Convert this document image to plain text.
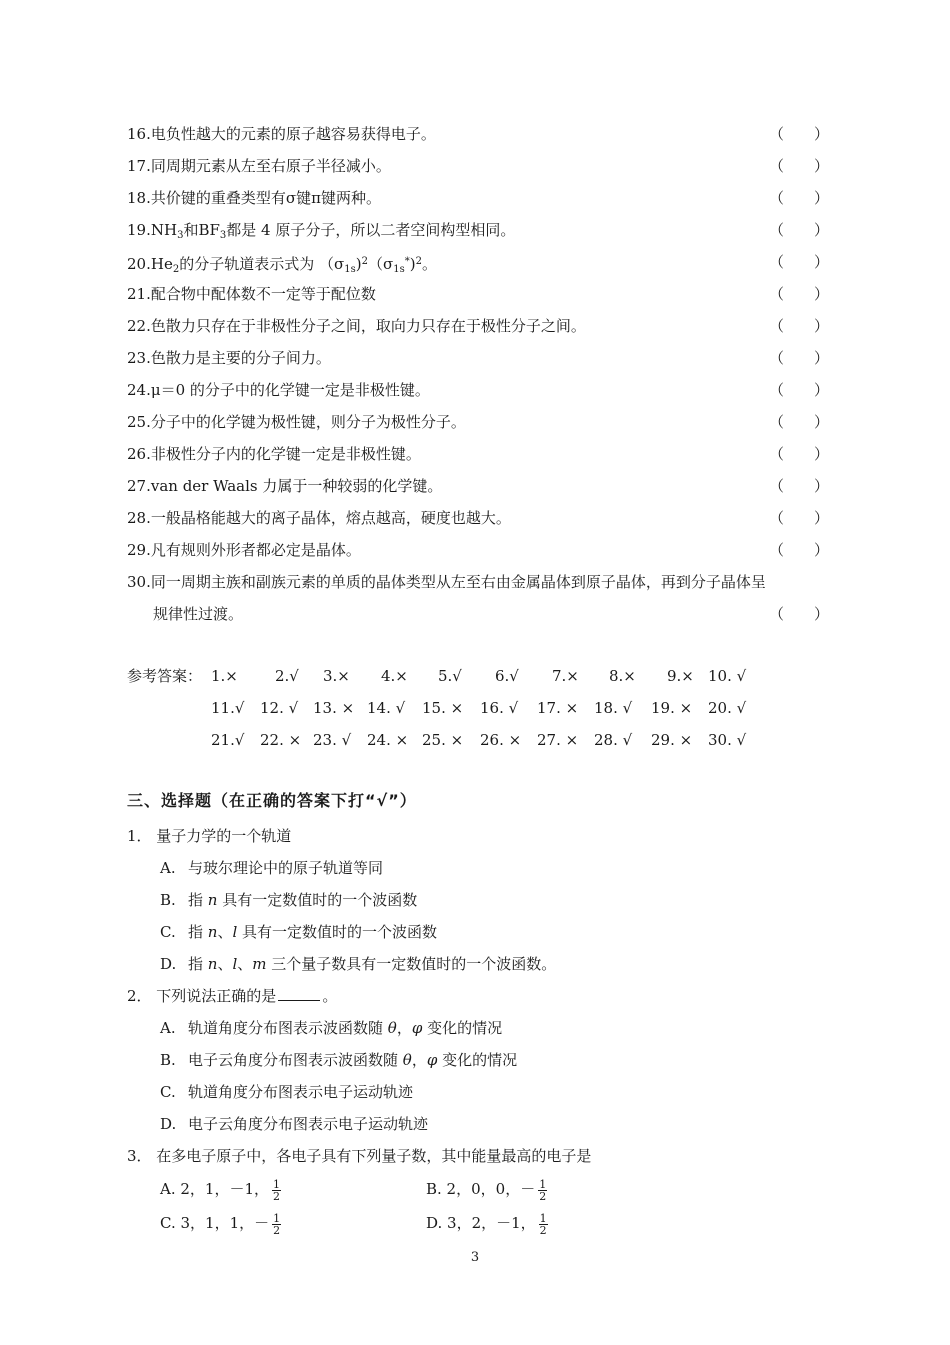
16.电负性越大的元素的原子越容易获得电子。	（　　）
17.同周期元素从左至右原子半径减小。	（　　）
18.共价键的重叠类型有σ键π键两种。	（　　）
$19.NH_3$和$BF_3$都是 4 原子分子，所以二者空间构型相同。	（　　）
$20.He_2$的分子轨道表示式为 $(\sigma_{1s})^2(\sigma_{1s}^*)^2$。	（　　）
21.配合物中配体数不一定等于配位数	（　　）
22.色散力只存在于非极性分子之间，取向力只存在于极性分子之间。	（　　）
23.色散力是主要的分子间力。	（　　）
24.μ＝0 的分子中的化学键一定是非极性键。	（　　）
25.分子中的化学键为极性键，则分子为极性分子。	（　　）
26.非极性分子内的化学键一定是非极性键。	（　　）
27.van der Waals 力属于一种较弱的化学键。	（　　）
28.一般晶格能越大的离子晶体，熔点越高，硬度也越大。	（　　）
29.凡有规则外形者都必定是晶体。	（　　）
30.同一周期主族和副族元素的单质的晶体类型从左至右由金属晶体到原子晶体，再到分子晶体呈
规律性过渡。	（　　）
参考答案： 1.× 2.√ 3.× 4.× 5.√ 6.√ 7.× 8.× 9.× 10. √
11.√ 12. √ 13. × 14. √ 15. × 16. √ 17. × 18. √ 19. × 20. √
21.√ 22. × 23. √ 24. × 25. × 26. × 27. × 28. √ 29. × 30. √
三、选择题（在正确的答案下打“√”）
1． 量子力学的一个轨道
A. 与玻尔理论中的原子轨道等同
B. 指 n 具有一定数值时的一个波函数
C. 指 n、l 具有一定数值时的一个波函数
D. 指 n、l、m 三个量子数具有一定数值时的一个波函数。
2． 下列说法正确的是	。
A. 轨道角度分布图表示波函数随 θ，φ 变化的情况
B. 电子云角度分布图表示波函数随 θ，φ 变化的情况
C. 轨道角度分布图表示电子运动轨迹
D. 电子云角度分布图表示电子运动轨迹
3． 在多电子原子中，各电子具有下列量子数，其中能量最高的电子是
A. 2，1，－1， $\frac{1}{2}$	B. 2，0，0，－ $\frac{1}{2}$
C. 3，1，1，－ $\frac{1}{2}$	D. 3，2，－1， $\frac{1}{2}$
3
